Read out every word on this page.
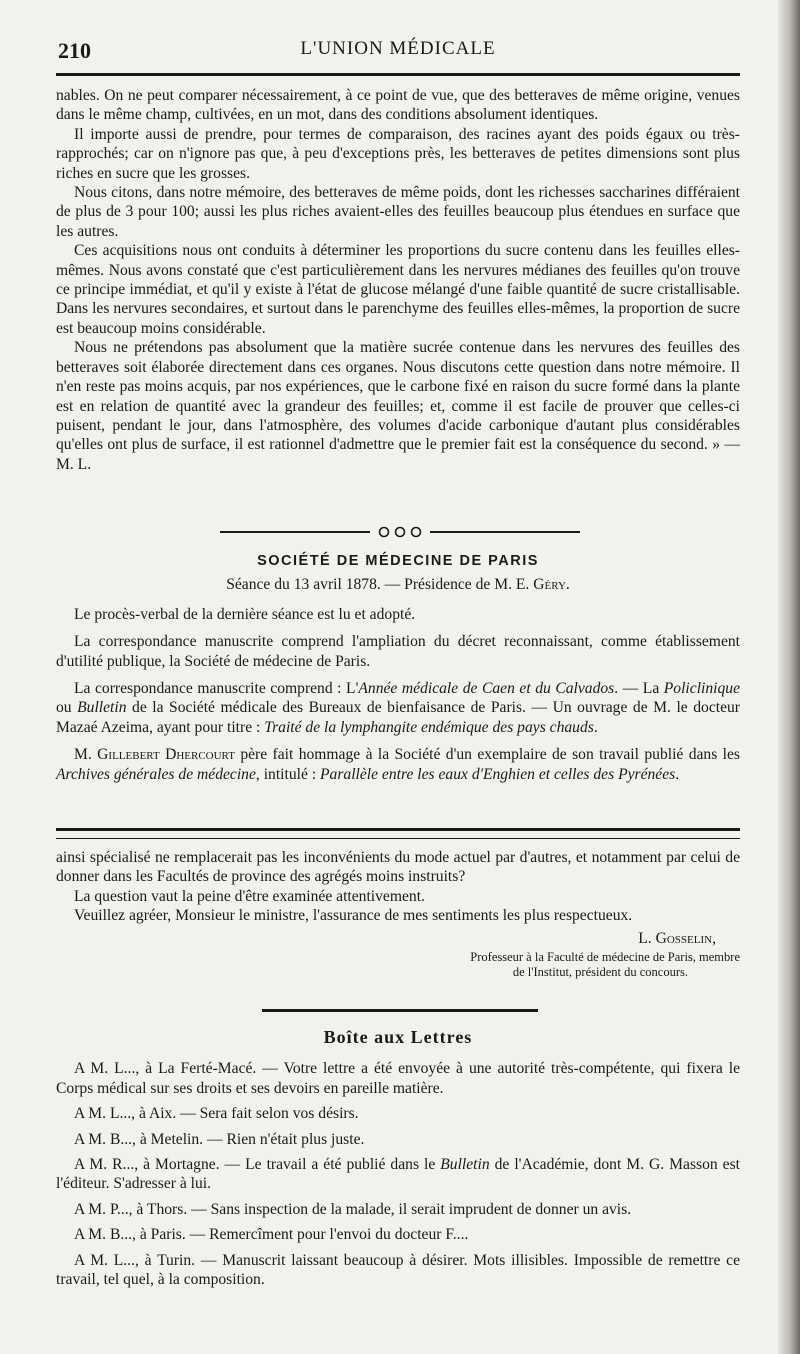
210	L'UNION MÉDICALE

nables. On ne peut comparer nécessairement, à ce point de vue, que des betteraves de même origine, venues dans le même champ, cultivées, en un mot, dans des conditions absolument identiques.

Il importe aussi de prendre, pour termes de comparaison, des racines ayant des poids égaux ou très-rapprochés; car on n'ignore pas que, à peu d'exceptions près, les betteraves de petites dimensions sont plus riches en sucre que les grosses.

Nous citons, dans notre mémoire, des betteraves de même poids, dont les richesses saccharines différaient de plus de 3 pour 100; aussi les plus riches avaient-elles des feuilles beaucoup plus étendues en surface que les autres.

Ces acquisitions nous ont conduits à déterminer les proportions du sucre contenu dans les feuilles elles-mêmes. Nous avons constaté que c'est particulièrement dans les nervures médianes des feuilles qu'on trouve ce principe immédiat, et qu'il y existe à l'état de glucose mélangé d'une faible quantité de sucre cristallisable. Dans les nervures secondaires, et surtout dans le parenchyme des feuilles elles-mêmes, la proportion de sucre est beaucoup moins considérable.

Nous ne prétendons pas absolument que la matière sucrée contenue dans les nervures des feuilles des betteraves soit élaborée directement dans ces organes. Nous discutons cette question dans notre mémoire. Il n'en reste pas moins acquis, par nos expériences, que le carbone fixé en raison du sucre formé dans la plante est en relation de quantité avec la grandeur des feuilles; et, comme il est facile de prouver que celles-ci puisent, pendant le jour, dans l'atmosphère, des volumes d'acide carbonique d'autant plus considérables qu'elles ont plus de surface, il est rationnel d'admettre que le premier fait est la conséquence du second. » — M. L.

SOCIÉTÉ DE MÉDECINE DE PARIS

Séance du 13 avril 1878. — Présidence de M. E. Géry.

Le procès-verbal de la dernière séance est lu et adopté.

La correspondance manuscrite comprend l'ampliation du décret reconnaissant, comme établissement d'utilité publique, la Société de médecine de Paris.

La correspondance manuscrite comprend : L'Année médicale de Caen et du Calvados. — La Policlinique ou Bulletin de la Société médicale des Bureaux de bienfaisance de Paris. — Un ouvrage de M. le docteur Mazaé Azeima, ayant pour titre : Traité de la lymphangite endémique des pays chauds.

M. Gillebert Dhercourt père fait hommage à la Société d'un exemplaire de son travail publié dans les Archives générales de médecine, intitulé : Parallèle entre les eaux d'Enghien et celles des Pyrénées.

ainsi spécialisé ne remplacerait pas les inconvénients du mode actuel par d'autres, et notamment par celui de donner dans les Facultés de province des agrégés moins instruits?

La question vaut la peine d'être examinée attentivement.

Veuillez agréer, Monsieur le ministre, l'assurance de mes sentiments les plus respectueux.

L. Gosselin,

Professeur à la Faculté de médecine de Paris, membre

de l'Institut, président du concours.

Boîte aux Lettres

A M. L..., à La Ferté-Macé. — Votre lettre a été envoyée à une autorité très-compétente, qui fixera le Corps médical sur ses droits et ses devoirs en pareille matière.

A M. L..., à Aix. — Sera fait selon vos désirs.

A M. B..., à Metelin. — Rien n'était plus juste.

A M. R..., à Mortagne. — Le travail a été publié dans le Bulletin de l'Académie, dont M. G. Masson est l'éditeur. S'adresser à lui.

A M. P..., à Thors. — Sans inspection de la malade, il serait imprudent de donner un avis.

A M. B..., à Paris. — Remercîment pour l'envoi du docteur F....

A M. L..., à Turin. — Manuscrit laissant beaucoup à désirer. Mots illisibles. Impossible de remettre ce travail, tel quel, à la composition.
